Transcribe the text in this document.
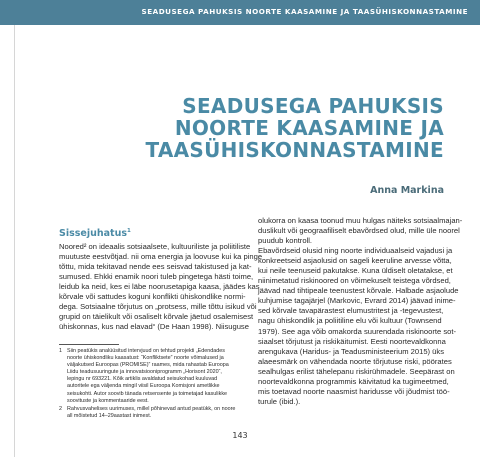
SEADUSEGA PAHUKSIS NOORTE KAASAMINE JA TAASÜHISKONNASTAMINE
SEADUSEGA PAHUKSIS
NOORTE KAASAMINE JA
TAASÜHISKONNASTAMINE
Anna Markina
Sissejuhatus$^1$
Noored² on ideaalis sotsiaalsete, kultuuriliste ja poliitiliste
muutuste eestvõtjad. nii oma energia ja loovuse kui ka pinge
tõttu, mida tekitavad nende ees seisvad takistused ja kat-
sumused. Ehkki enamik noori tuleb pingetega hästi toime,
leidub ka neid, kes ei läbe noorusetapiga kaasa, jäädes kas
kõrvale või sattudes koguni konflikti ühiskondlike normi-
dega. Sotsiaalne tõrjutus on „protsess, mille tõttu isikud või
grupid on täielikult või osaliselt kõrvale jäetud osalemisest
ühiskonnas, kus nad elavad“ (De Haan 1998). Niisuguse
olukorra on kaasa toonud muu hulgas näiteks sotsiaalmajan-
duslikult või geograafiliselt ebavõrdsed olud, mille üle noorel
puudub kontroll.
Ebavõrdseid olusid ning noorte individuaalseid vajadusi ja
konkreetseid asjaolusid on sageli keeruline arvesse võtta,
kui neile teenuseid pakutakse. Kuna üldiselt oletatakse, et
niinimetatud riskinoored on võimekuselt teistega võrdsed,
jäävad nad tihtipeale teenustest kõrvale. Halbade asjaolude
kuhjumise tagajärjel (Markovic, Evrard 2014) jäävad inime-
sed kõrvale tavapärastest elumustritest ja -tegevustest,
nagu ühiskondlik ja poliitiline elu või kultuur (Townsend
1979). See aga võib omakorda suurendada riskinoorte sot-
siaalset tõrjutust ja riskikäitumist. Eesti noortevaldkonna
arengukava (Haridus- ja Teadusministeerium 2015) üks
alaeesmärk on vähendada noorte tõrjutuse riski, pöörates
sealhulgas erilist tähelepanu riskirühmadele. Seepärast on
noortevaldkonna programmis käivitatud ka tugimeetmed,
mis toetavad noorte naasmist haridusse või jõudmist töö-
turule (ibid.).
1 Siin peatükis analüüsitud intervjuud on tehtud projekti „Edendades
noorte ühiskondliku kaasatust: “Konfliktsete” noorte võimalused ja
väljakutsed Euroopas (PROMISE)” raames, mida rahastab Euroopa
Liidu teadusuuringute ja innovatsiooniprogramm „Horisont 2020“,
lepingu nr 693221. Kõik artiklis avaldatud seisukohad kuuluvad
autoritele ega väljenda mingil viisil Euroopa Komisjoni ametlikke
seisukohti. Autor soovib tänada retsensente ja toimetajad kasulikke
soovituste ja kommentaaride eest.
2 Rahvusvahelises uurimuses, millel põhinevad antud peatükk, on noore
all mõistetud 14–29aastast inimest.
143
